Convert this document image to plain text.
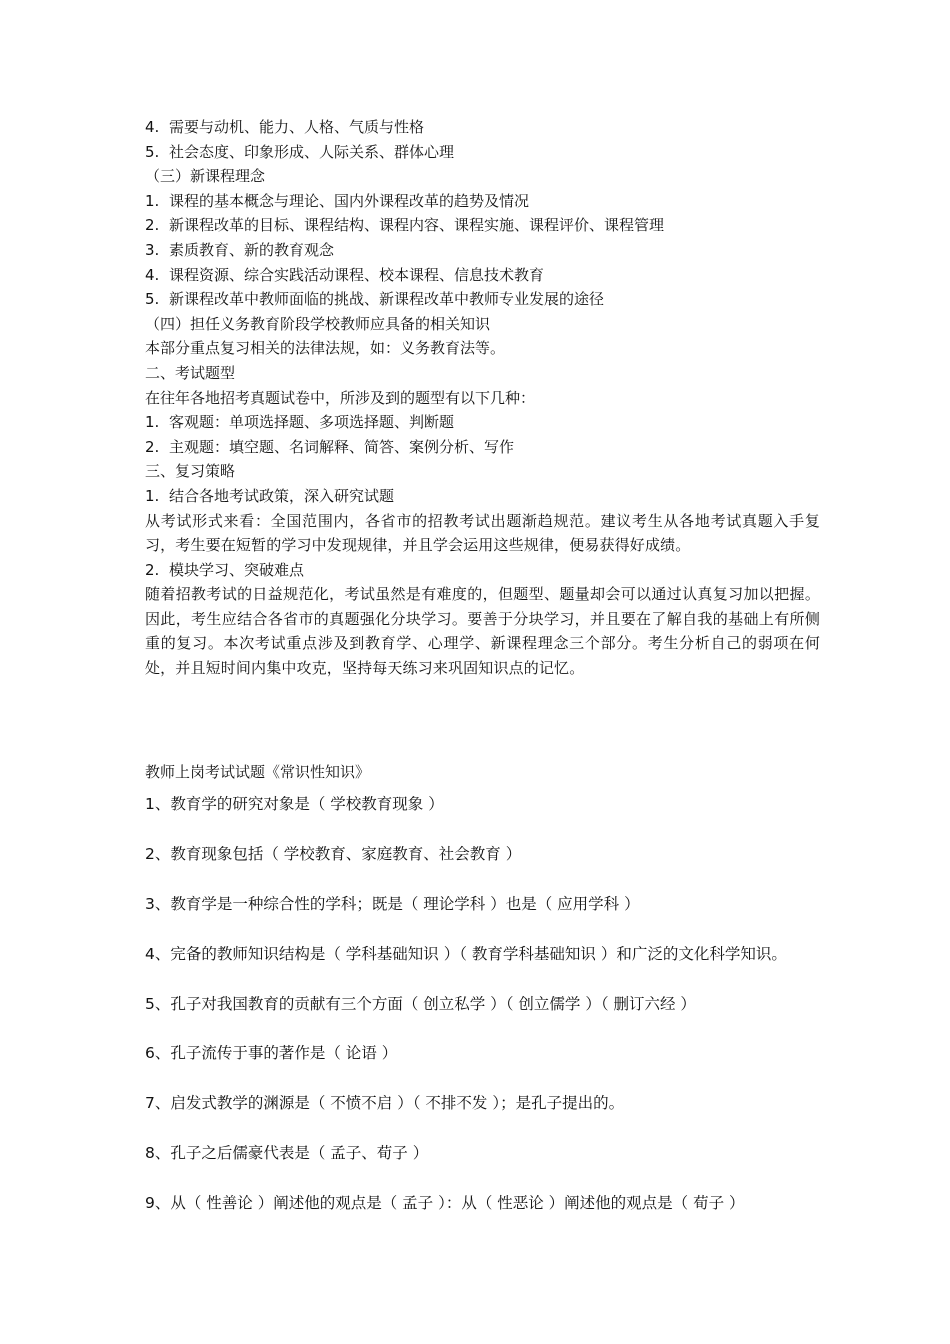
4. 需要与动机、能力、人格、气质与性格

5. 社会态度、印象形成、人际关系、群体心理

（三）新课程理念

1. 课程的基本概念与理论、国内外课程改革的趋势及情况

2. 新课程改革的目标、课程结构、课程内容、课程实施、课程评价、课程管理

3. 素质教育、新的教育观念

4. 课程资源、综合实践活动课程、校本课程、信息技术教育

5. 新课程改革中教师面临的挑战、新课程改革中教师专业发展的途径

（四）担任义务教育阶段学校教师应具备的相关知识

本部分重点复习相关的法律法规，如：义务教育法等。

二、考试题型

在往年各地招考真题试卷中，所涉及到的题型有以下几种：

1. 客观题：单项选择题、多项选择题、判断题

2. 主观题：填空题、名词解释、简答、案例分析、写作

三、复习策略

1. 结合各地考试政策，深入研究试题

从考试形式来看：全国范围内，各省市的招教考试出题渐趋规范。建议考生从各地考试真题入手复习，考生要在短暂的学习中发现规律，并且学会运用这些规律，便易获得好成绩。

2. 模块学习、突破难点

随着招教考试的日益规范化，考试虽然是有难度的，但题型、题量却会可以通过认真复习加以把握。因此，考生应结合各省市的真题强化分块学习。要善于分块学习，并且要在了解自我的基础上有所侧重的复习。本次考试重点涉及到教育学、心理学、新课程理念三个部分。考生分析自己的弱项在何处，并且短时间内集中攻克，坚持每天练习来巩固知识点的记忆。

教师上岗考试试题《常识性知识》

1、教育学的研究对象是（ 学校教育现象 ）

2、教育现象包括（ 学校教育、家庭教育、社会教育 ）

3、教育学是一种综合性的学科；既是（ 理论学科 ）也是（ 应用学科 ）

4、完备的教师知识结构是（ 学科基础知识 ）（ 教育学科基础知识 ）和广泛的文化科学知识。

5、孔子对我国教育的贡献有三个方面（ 创立私学 ）（ 创立儒学 ）（ 删订六经 ）

6、孔子流传于事的著作是（ 论语 ）

7、启发式教学的渊源是（ 不愤不启 ）（ 不排不发 ）；是孔子提出的。

8、孔子之后儒豪代表是（ 孟子、荀子 ）

9、从（ 性善论 ）阐述他的观点是（ 孟子 ）：从（ 性恶论 ）阐述他的观点是（ 荀子 ）
